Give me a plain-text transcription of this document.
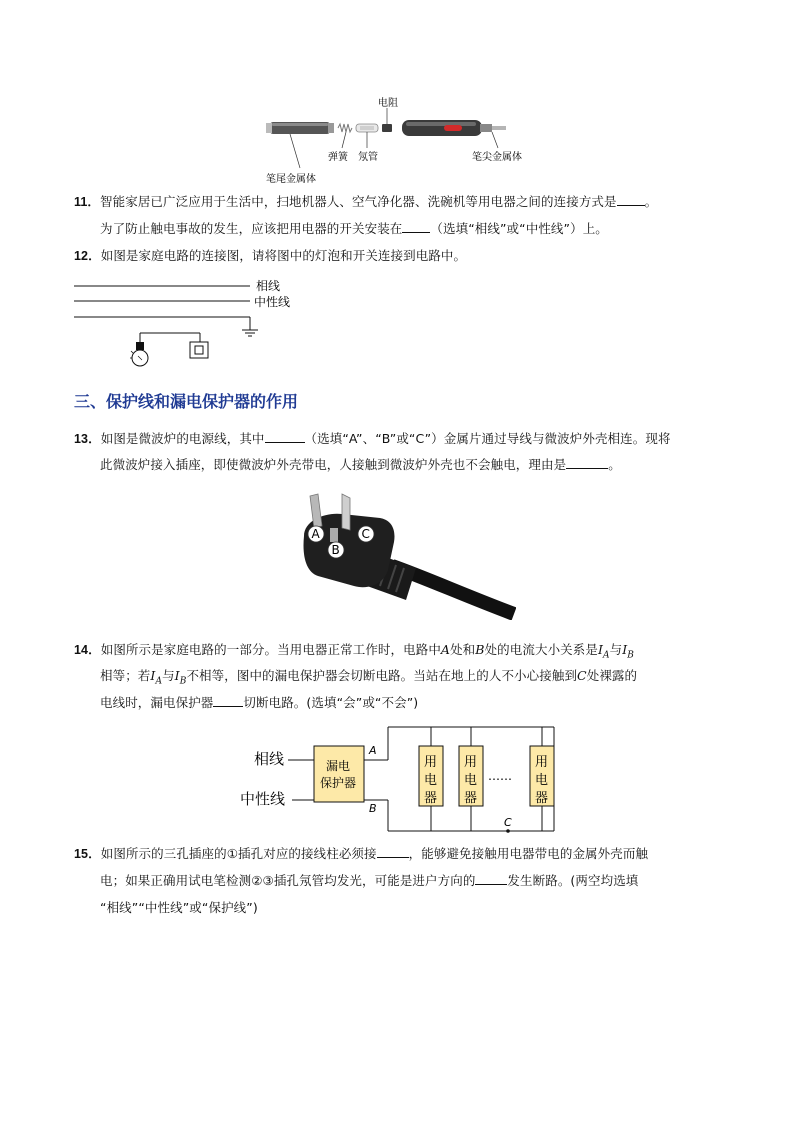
电阻
弹簧 氖管	笔尖金属体
笔尾金属体
11．智能家居已广泛应用于生活中，扫地机器人、空气净化器、洗碗机等用电器之间的连接方式是 。
为了防止触电事故的发生，应该把用电器的开关安装在 （选填“相线”或“中性线”）上。
12．如图是家庭电路的连接图，请将图中的灯泡和开关连接到电路中。
相线
中性线
三、保护线和漏电保护器的作用
13．如图是微波炉的电源线，其中	（选填“A”、“B”或“C”）金属片通过导线与微波炉外壳相连。现将
此微波炉接入插座，即使微波炉外壳带电，人接触到微波炉外壳也不会触电，理由是	。
A
B
C
14．如图所示是家庭电路的一部分。当用电器正常工作时，电路中A处和B处的电流大小关系是$I_A$与$I_B$
相等；若$I_A$与$I_B$不相等，图中的漏电保护器会切断电路。当站在地上的人不小心接触到C处裸露的
电线时，漏电保护器 切断电路。(选填“会”或“不会”)
相线
中性线
漏电
保护器
A
B
用
电
器
用
电
器
……
用
电
器
C
15．如图所示的三孔插座的①插孔对应的接线柱必须接	，能够避免接触用电器带电的金属外壳而触
电；如果正确用试电笔检测②③插孔氖管均发光，可能是进户方向的	发生断路。(两空均选填
“相线”“中性线”或“保护线”)
